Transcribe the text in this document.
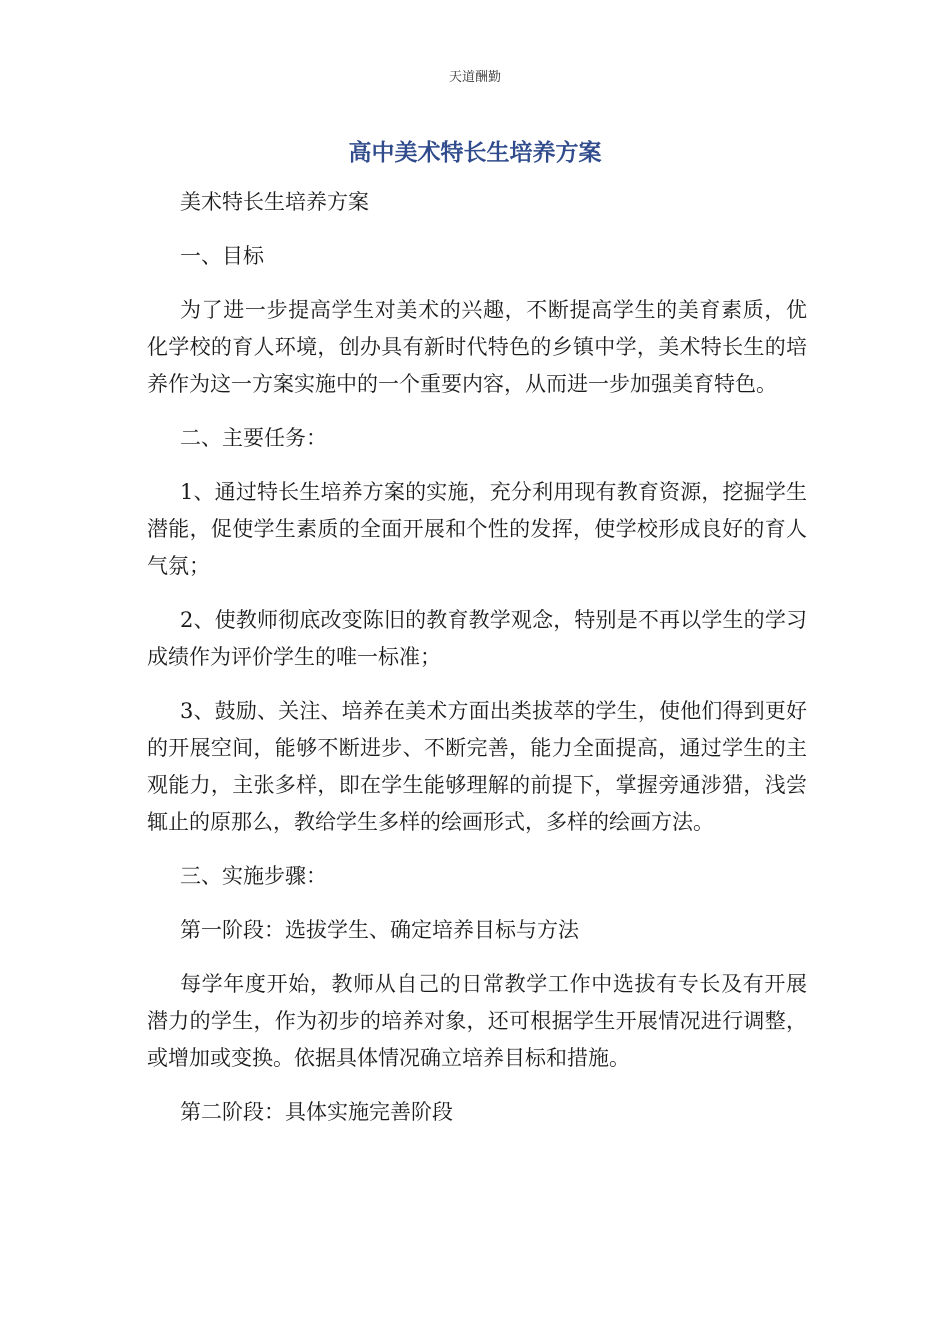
天道酬勤
高中美术特长生培养方案

美术特长生培养方案

一、目标

为了进一步提高学生对美术的兴趣，不断提高学生的美育素质，优化学校的育人环境，创办具有新时代特色的乡镇中学，美术特长生的培养作为这一方案实施中的一个重要内容，从而进一步加强美育特色。

二、主要任务：

1、通过特长生培养方案的实施，充分利用现有教育资源，挖掘学生潜能，促使学生素质的全面开展和个性的发挥，使学校形成良好的育人气氛；

2、使教师彻底改变陈旧的教育教学观念，特别是不再以学生的学习成绩作为评价学生的唯一标准；

3、鼓励、关注、培养在美术方面出类拔萃的学生，使他们得到更好的开展空间，能够不断进步、不断完善，能力全面提高，通过学生的主观能力，主张多样，即在学生能够理解的前提下，掌握旁通涉猎，浅尝辄止的原那么，教给学生多样的绘画形式，多样的绘画方法。

三、实施步骤：

第一阶段：选拔学生、确定培养目标与方法

每学年度开始，教师从自己的日常教学工作中选拔有专长及有开展潜力的学生，作为初步的培养对象，还可根据学生开展情况进行调整，或增加或变换。依据具体情况确立培养目标和措施。

第二阶段：具体实施完善阶段
